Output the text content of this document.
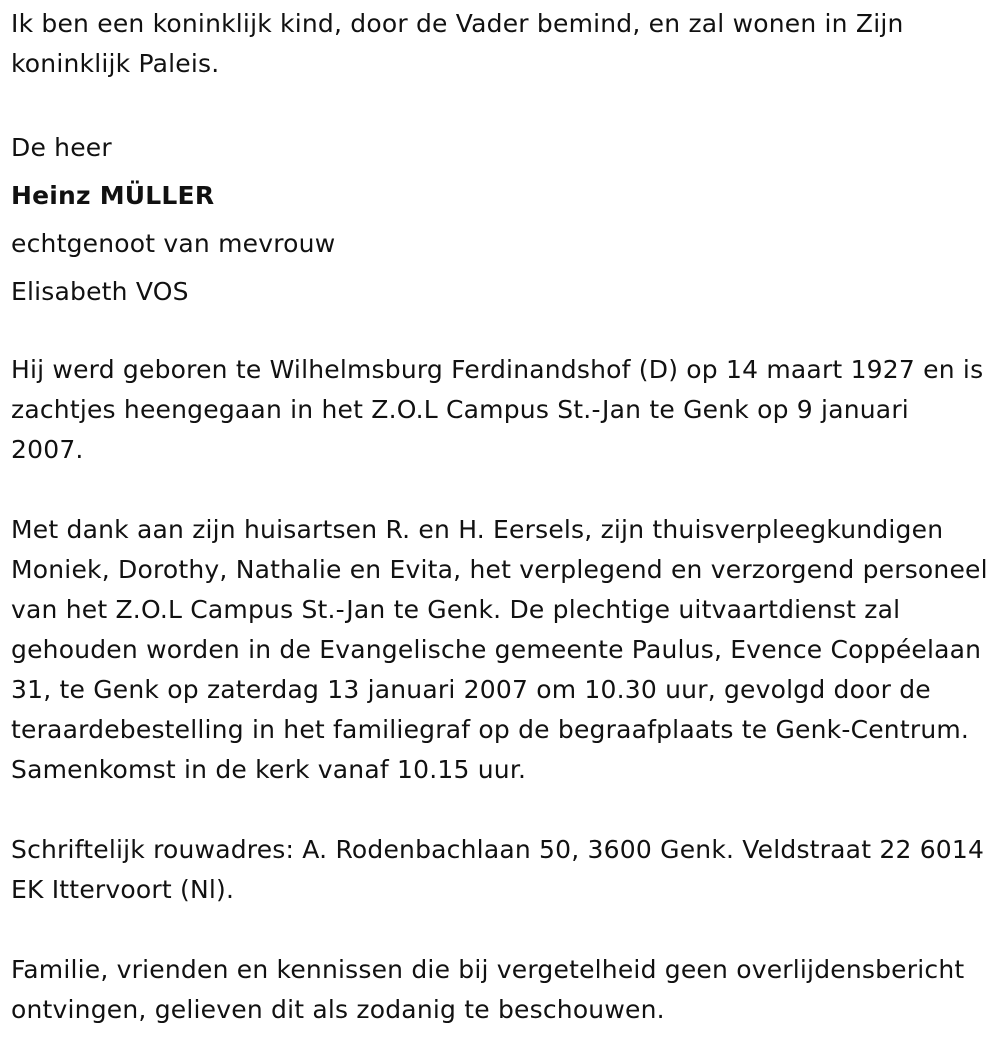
Ik ben een koninklijk kind, door de Vader bemind, en zal wonen in Zijn koninklijk Paleis.

De heer
Heinz MÜLLER
echtgenoot van mevrouw
Elisabeth VOS

Hij werd geboren te Wilhelmsburg Ferdinandshof (D) op 14 maart 1927 en is zachtjes heengegaan in het Z.O.L Campus St.-Jan te Genk op 9 januari 2007.

Met dank aan zijn huisartsen R. en H. Eersels, zijn thuisverpleegkundigen Moniek, Dorothy, Nathalie en Evita, het verplegend en verzorgend personeel van het Z.O.L Campus St.-Jan te Genk. De plechtige uitvaartdienst zal gehouden worden in de Evangelische gemeente Paulus, Evence Coppéelaan 31, te Genk op zaterdag 13 januari 2007 om 10.30 uur, gevolgd door de teraardebestelling in het familiegraf op de begraafplaats te Genk-Centrum. Samenkomst in de kerk vanaf 10.15 uur.

Schriftelijk rouwadres: A. Rodenbachlaan 50, 3600 Genk. Veldstraat 22 6014 EK Ittervoort (Nl).

Familie, vrienden en kennissen die bij vergetelheid geen overlijdensbericht ontvingen, gelieven dit als zodanig te beschouwen.
